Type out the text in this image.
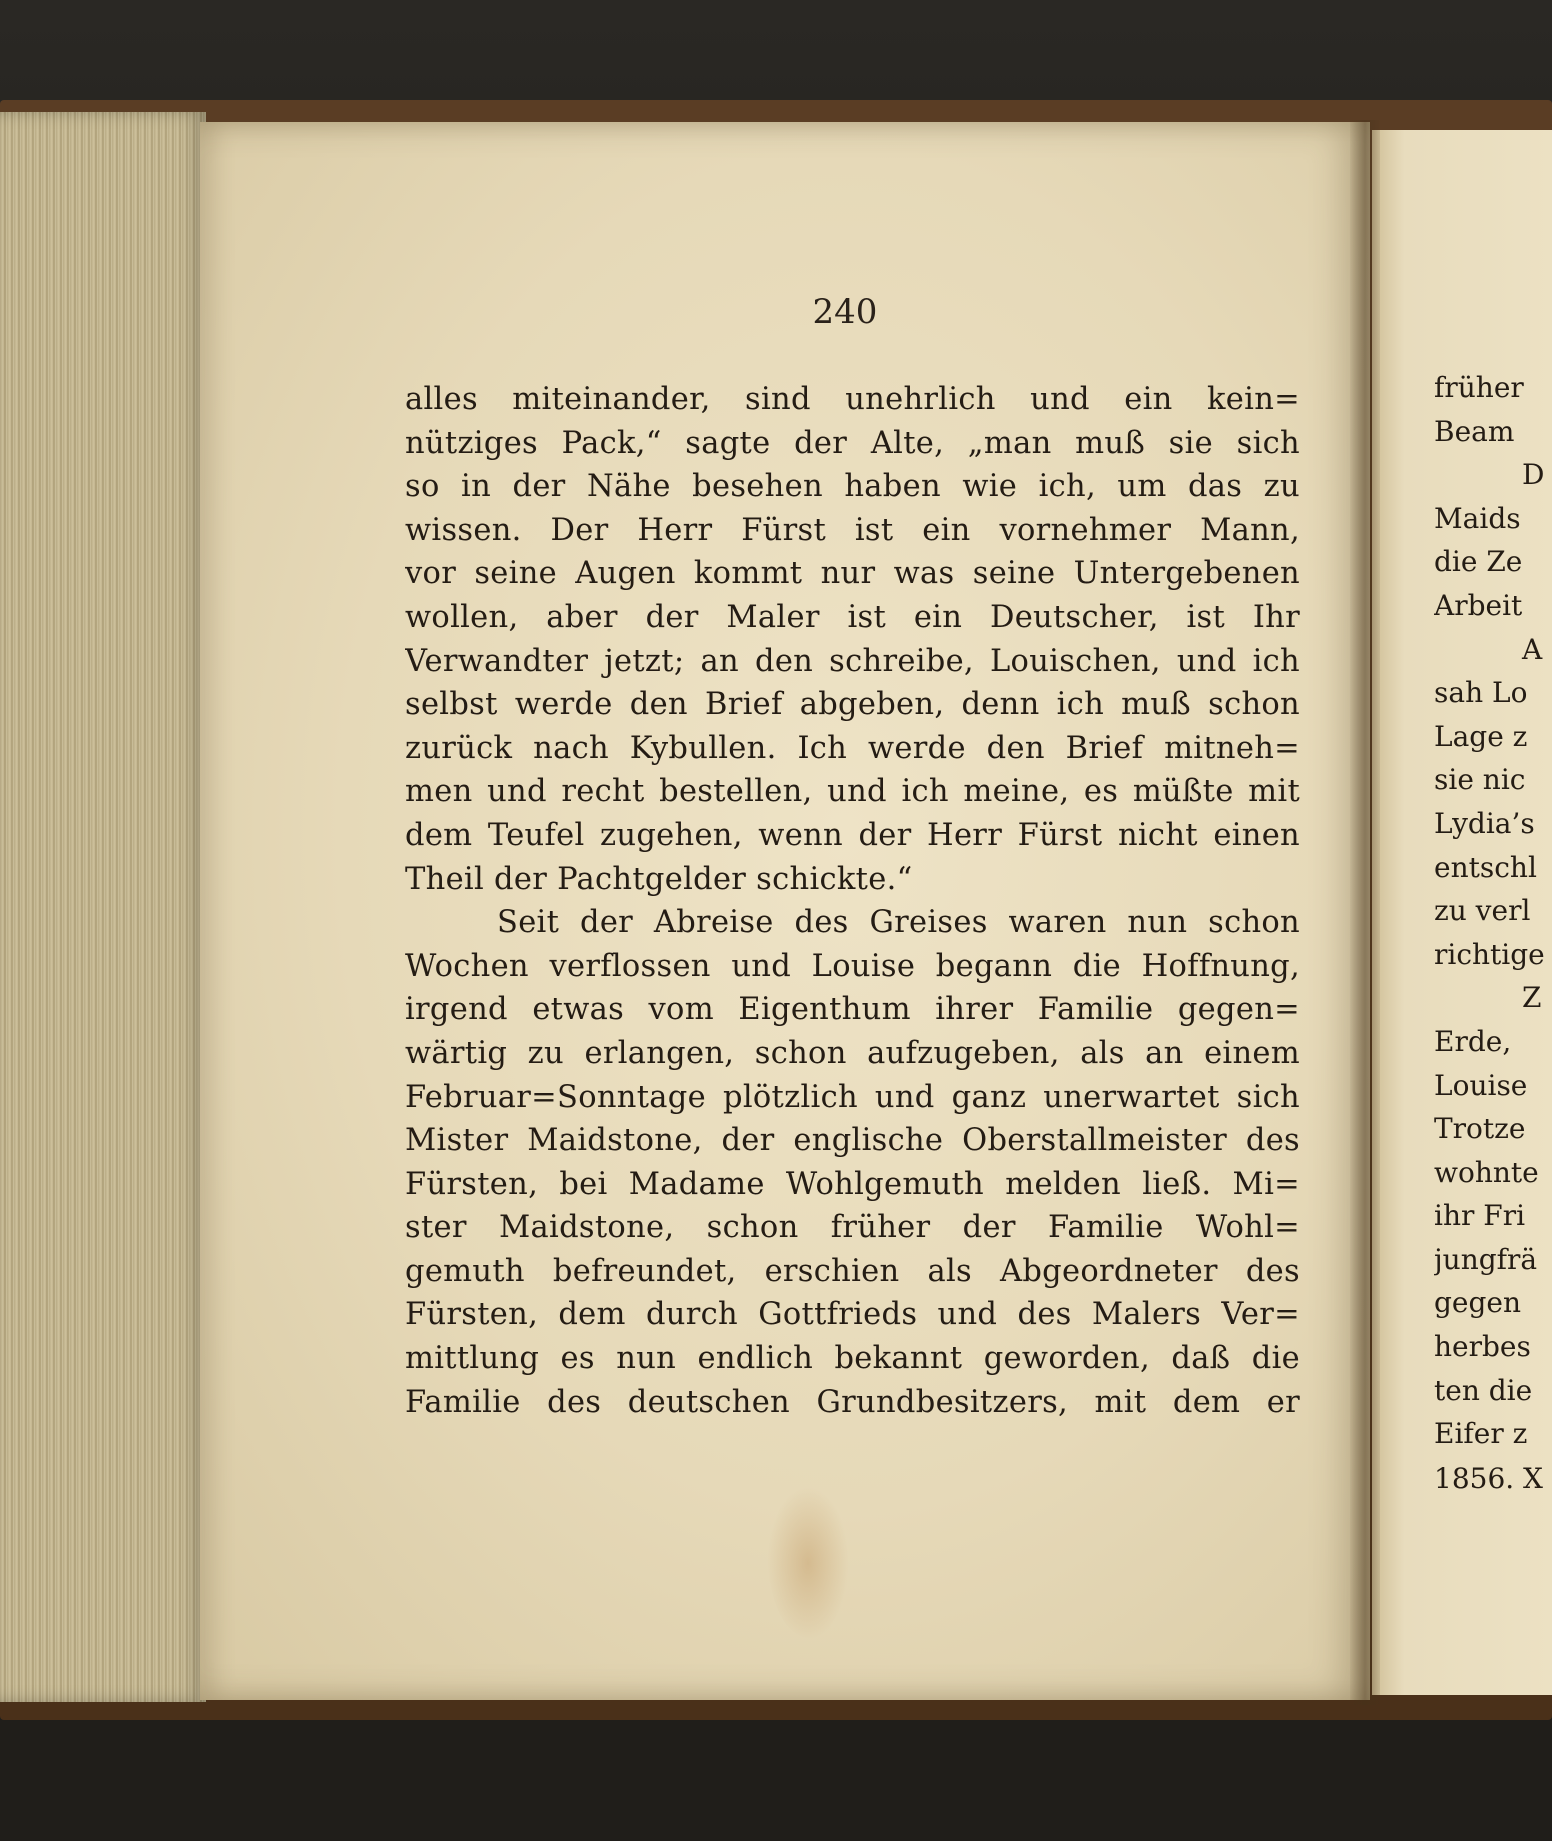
240
alles miteinander, sind unehrlich und ein kein=
nütziges Pack,“ sagte der Alte, „man muß sie sich
so in der Nähe besehen haben wie ich, um das zu
wissen. Der Herr Fürst ist ein vornehmer Mann,
vor seine Augen kommt nur was seine Untergebenen
wollen, aber der Maler ist ein Deutscher, ist Ihr
Verwandter jetzt; an den schreibe, Louischen, und ich
selbst werde den Brief abgeben, denn ich muß schon
zurück nach Kybullen. Ich werde den Brief mitneh=
men und recht bestellen, und ich meine, es müßte mit
dem Teufel zugehen, wenn der Herr Fürst nicht einen
Theil der Pachtgelder schickte.“
Seit der Abreise des Greises waren nun schon
Wochen verflossen und Louise begann die Hoffnung,
irgend etwas vom Eigenthum ihrer Familie gegen=
wärtig zu erlangen, schon aufzugeben, als an einem
Februar=Sonntage plötzlich und ganz unerwartet sich
Mister Maidstone, der englische Oberstallmeister des
Fürsten, bei Madame Wohlgemuth melden ließ. Mi=
ster Maidstone, schon früher der Familie Wohl=
gemuth befreundet, erschien als Abgeordneter des
Fürsten, dem durch Gottfrieds und des Malers Ver=
mittlung es nun endlich bekannt geworden, daß die
Familie des deutschen Grundbesitzers, mit dem er
früher
Beam
D
Maids
die Ze
Arbeit
A
sah Lo
Lage z
sie nic
Lydia’s
entschl
zu verl
richtige
Z
Erde,
Louise
Trotze
wohnte
ihr Fri
jungfrä
gegen
herbes
ten die
Eifer z
1856. X
